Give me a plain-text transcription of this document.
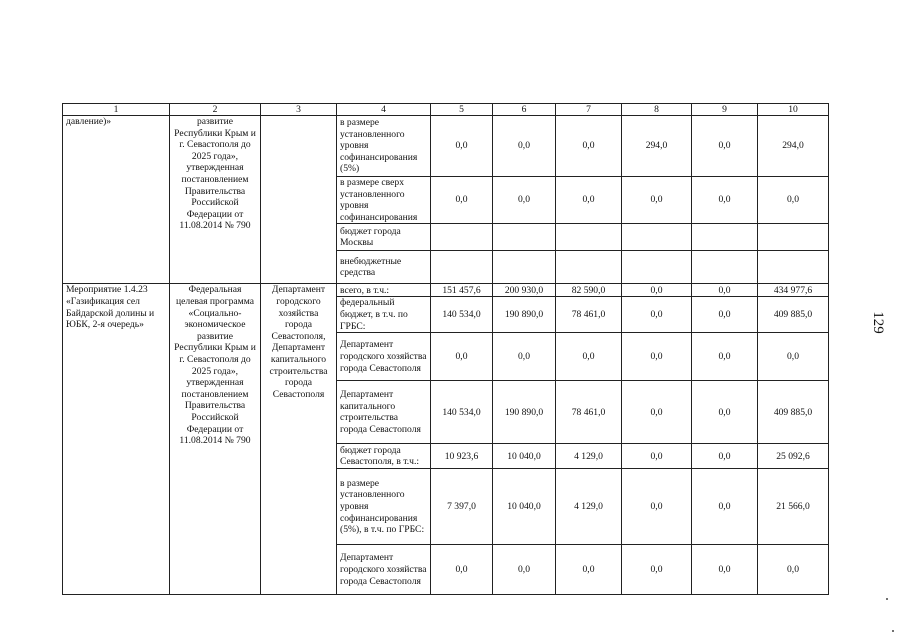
1	2	3	4	5	6	7	8	9	10
давление)»	развитие Республики Крым и г. Севастополя до 2025 года», утвержденная постановлением Правительства Российской Федерации от 11.08.2014 № 790		в размере установленного уровня софинансирования (5%)	0,0	0,0	0,0	294,0	0,0	294,0
			в размере сверх установленного уровня софинансирования	0,0	0,0	0,0	0,0	0,0	0,0
			бюджет города Москвы						
			внебюджетные средства						
Мероприятие 1.4.23 «Газификация сел Байдарской долины и ЮБК, 2-я очередь»	Федеральная целевая программа «Социально-экономическое развитие Республики Крым и г. Севастополя до 2025 года», утвержденная постановлением Правительства Российской Федерации от 11.08.2014 № 790	Департамент городского хозяйства города Севастополя, Департамент капитального строительства города Севастополя	всего, в т.ч.:	151 457,6	200 930,0	82 590,0	0,0	0,0	434 977,6
			федеральный бюджет, в т.ч. по ГРБС:	140 534,0	190 890,0	78 461,0	0,0	0,0	409 885,0
			Департамент городского хозяйства города Севастополя	0,0	0,0	0,0	0,0	0,0	0,0
			Департамент капитального строительства города Севастополя	140 534,0	190 890,0	78 461,0	0,0	0,0	409 885,0
			бюджет города Севастополя, в т.ч.:	10 923,6	10 040,0	4 129,0	0,0	0,0	25 092,6
			в размере установленного уровня софинансирования (5%), в т.ч. по ГРБС:	7 397,0	10 040,0	4 129,0	0,0	0,0	21 566,0
			Департамент городского хозяйства города Севастополя	0,0	0,0	0,0	0,0	0,0	0,0
129
